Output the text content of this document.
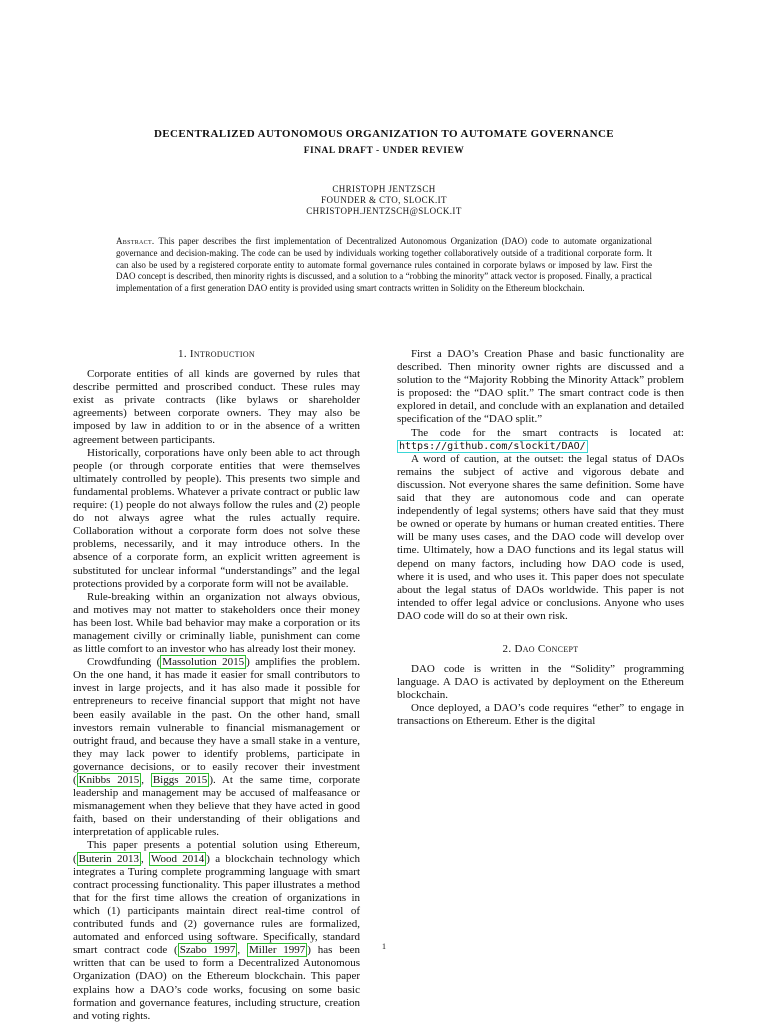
DECENTRALIZED AUTONOMOUS ORGANIZATION TO AUTOMATE GOVERNANCE
FINAL DRAFT - UNDER REVIEW
CHRISTOPH JENTZSCH
FOUNDER & CTO, SLOCK.IT
CHRISTOPH.JENTZSCH@SLOCK.IT
Abstract. This paper describes the first implementation of Decentralized Autonomous Organization (DAO) code to automate organizational governance and decision-making. The code can be used by individuals working together collaboratively outside of a traditional corporate form. It can also be used by a registered corporate entity to automate formal governance rules contained in corporate bylaws or imposed by law. First the DAO concept is described, then minority rights is discussed, and a solution to a “robbing the minority” attack vector is proposed. Finally, a practical implementation of a first generation DAO entity is provided using smart contracts written in Solidity on the Ethereum blockchain.
1. Introduction

Corporate entities of all kinds are governed by rules that describe permitted and proscribed conduct. These rules may exist as private contracts (like bylaws or shareholder agreements) between corporate owners. They may also be imposed by law in addition to or in the absence of a written agreement between participants.

Historically, corporations have only been able to act through people (or through corporate entities that were themselves ultimately controlled by people). This presents two simple and fundamental problems. Whatever a private contract or public law require: (1) people do not always follow the rules and (2) people do not always agree what the rules actually require. Collaboration without a corporate form does not solve these problems, necessarily, and it may introduce others. In the absence of a corporate form, an explicit written agreement is substituted for unclear informal “understandings” and the legal protections provided by a corporate form will not be available.

Rule-breaking within an organization not always obvious, and motives may not matter to stakeholders once their money has been lost. While bad behavior may make a corporation or its management civilly or criminally liable, punishment can come as little comfort to an investor who has already lost their money.

Crowdfunding ( Massolution 2015 ) amplifies the problem. On the one hand, it has made it easier for small contributors to invest in large projects, and it has also made it possible for entrepreneurs to receive financial support that might not have been easily available in the past. On the other hand, small investors remain vulnerable to financial mismanagement or outright fraud, and because they have a small stake in a venture, they may lack power to identify problems, participate in governance decisions, or to easily recover their investment ( Knibbs 2015 , Biggs 2015 ). At the same time, corporate leadership and management may be accused of malfeasance or mismanagement when they believe that they have acted in good faith, based on their understanding of their obligations and interpretation of applicable rules.

This paper presents a potential solution using Ethereum, ( Buterin 2013 , Wood 2014 ) a blockchain technology which integrates a Turing complete programming language with smart contract processing functionality. This paper illustrates a method that for the first time allows the creation of organizations in which (1) participants maintain direct real-time control of contributed funds and (2) governance rules are formalized, automated and enforced using software. Specifically, standard smart contract code ( Szabo 1997 , Miller 1997 ) has been written that can be used to form a Decentralized Autonomous Organization (DAO) on the Ethereum blockchain. This paper explains how a DAO’s code works, focusing on some basic formation and governance features, including structure, creation and voting rights.

First a DAO’s Creation Phase and basic functionality are described. Then minority owner rights are discussed and a solution to the “Majority Robbing the Minority Attack” problem is proposed: the “DAO split.” The smart contract code is then explored in detail, and conclude with an explanation and detailed specification of the “DAO split.”

The code for the smart contracts is located at: https://github.com/slockit/DAO/

A word of caution, at the outset: the legal status of DAOs remains the subject of active and vigorous debate and discussion. Not everyone shares the same definition. Some have said that they are autonomous code and can operate independently of legal systems; others have said that they must be owned or operate by humans or human created entities. There will be many uses cases, and the DAO code will develop over time. Ultimately, how a DAO functions and its legal status will depend on many factors, including how DAO code is used, where it is used, and who uses it. This paper does not speculate about the legal status of DAOs worldwide. This paper is not intended to offer legal advice or conclusions. Anyone who uses DAO code will do so at their own risk.

2. Dao Concept

DAO code is written in the “Solidity” programming language. A DAO is activated by deployment on the Ethereum blockchain.

Once deployed, a DAO’s code requires “ether” to engage in transactions on Ethereum. Ether is the digital

1
